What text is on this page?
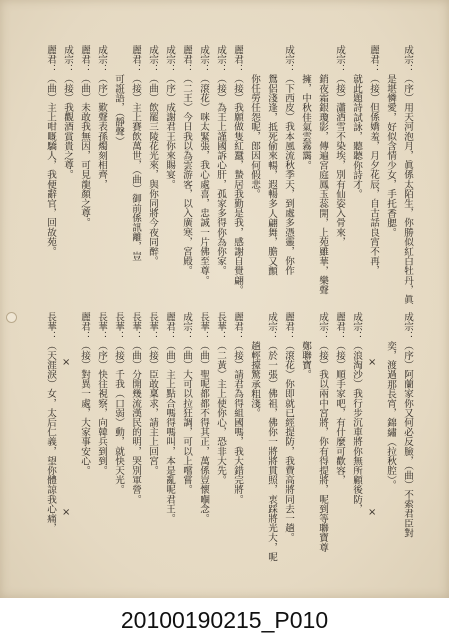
成宗：（序）用天河泡月，眞係太陌生，你勝似紅白牡丹，眞
是堪憐愛，好似含情少女，手托香腮。
麗君：（接）但係嬌羞，月夕花辰，自古話良宵不再，
就此題詩試詠，聽聽你詩才。
成宗：（接）瀟洒雪不染埃，別有仙姿入骨來，
銷夜霜銀瓊影，傳遍宮庭鳳玉蕊開，上苑雖華，樂聲
擁，中秋佳氣雲霧靄。
成宗：（下西皮）我本風流秋季天，到處多憑靈，你作
鴛侶淺逢，抵死偷來暢，遐暢多人翩舞，膽又顫
你任勞任怨呢，郎因何假悲。
麗君：（接）我願做隻紅蠶，蟄居我勤是我，感謝自覺翩。
成宗：（接）為王上謹國訴心肝，孤家多得你為你家。
成宗：（滾花）咪太緊張，我心處喜，忠誠一片佛至尊。
麗君：（二王）今日我以為雲游客，以入廣寒，宮殿。
成宗：（序）成謝君王你來賜宴。
成宗：（曲）飲罷三陵花光來，與你同將今夜同醉。
麗君：（接）主上賽飲萬世，（曲）御前係訊離，豈
可誑語，（靜聲）
成宗：（序）歎聲表孫燭刻相齊，
麗君：（曲）未敢我無因，可見龍顏之尊。
成宗：（接）我觀酒賞貴之尊。
麗君：（曲）主上咁嘅驕人，我便辭官，回故苑。
成宗：（序）阿蘭家你又何必反臉，（曲）不索君臣對
奕，渡過那長宵，錦繡（拉秋腔）。
×
×
成宗：（浪淘沙）我行步沉車將你無所顧後防，
麗君：（接）順手家吧，有什麼可歡容，
成宗：（接）我以兩中宮將，你有得提將，呢到等聯寶尊
鄭聯寶。
麗君：（滾花）你即就已經提防，我費高將同去一趟。
成宗：（於一張）佛祖，佛你一將將貫照，衷踩將光大，呢
趟輕擡驚承粗淺。
麗君：（接）請君為得組國嗎，我大錯完將。
長華：（二黃）主上使你心，恐非大先。
長華：（曲）聖呢都都不得其正，萬係豈懷嗰念。
成宗：（曲）大可以拉狂調，可以上嚐嘗。
麗君：（曲）主上點合嗎得嗎叫，本是亂呢君王。
長華：（接）臣敢稟求，請主上回宮。
長華：（曲）分開幾流漢民的明，哭別軍營。
長華：（接）千我（口弱）動，就快天光。
長華：（序）快往視察，向韓兵到到。
麗君：（接）對異一處，大家事安心。
×
×
長華：（天涯淚）女，太后仁義，望你體諒我心痛，
20100190215_P010
